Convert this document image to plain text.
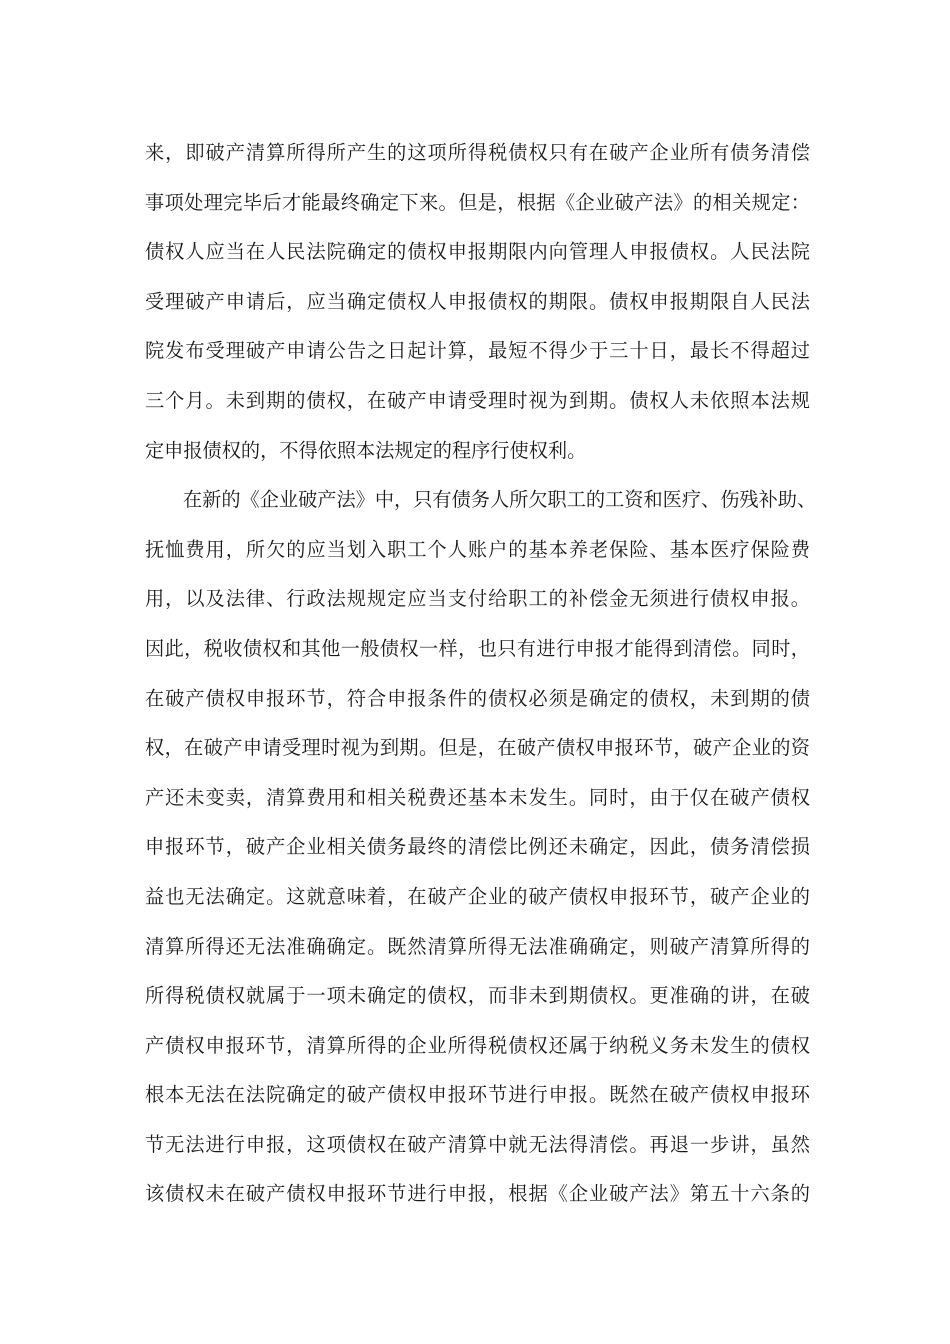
来，即破产清算所得所产生的这项所得税债权只有在破产企业所有债务清偿
事项处理完毕后才能最终确定下来。但是，根据《企业破产法》的相关规定：
债权人应当在人民法院确定的债权申报期限内向管理人申报债权。人民法院
受理破产申请后，应当确定债权人申报债权的期限。债权申报期限自人民法
院发布受理破产申请公告之日起计算，最短不得少于三十日，最长不得超过
三个月。未到期的债权，在破产申请受理时视为到期。债权人未依照本法规
定申报债权的，不得依照本法规定的程序行使权利。
在新的《企业破产法》中，只有债务人所欠职工的工资和医疗、伤残补助、
抚恤费用，所欠的应当划入职工个人账户的基本养老保险、基本医疗保险费
用，以及法律、行政法规规定应当支付给职工的补偿金无须进行债权申报。
因此，税收债权和其他一般债权一样，也只有进行申报才能得到清偿。同时，
在破产债权申报环节，符合申报条件的债权必须是确定的债权，未到期的债
权，在破产申请受理时视为到期。但是，在破产债权申报环节，破产企业的资
产还未变卖，清算费用和相关税费还基本未发生。同时，由于仅在破产债权
申报环节，破产企业相关债务最终的清偿比例还未确定，因此，债务清偿损
益也无法确定。这就意味着，在破产企业的破产债权申报环节，破产企业的
清算所得还无法准确确定。既然清算所得无法准确确定，则破产清算所得的
所得税债权就属于一项未确定的债权，而非未到期债权。更准确的讲，在破
产债权申报环节，清算所得的企业所得税债权还属于纳税义务未发生的债权
根本无法在法院确定的破产债权申报环节进行申报。既然在破产债权申报环
节无法进行申报，这项债权在破产清算中就无法得清偿。再退一步讲，虽然
该债权未在破产债权申报环节进行申报，根据《企业破产法》第五十六条的
